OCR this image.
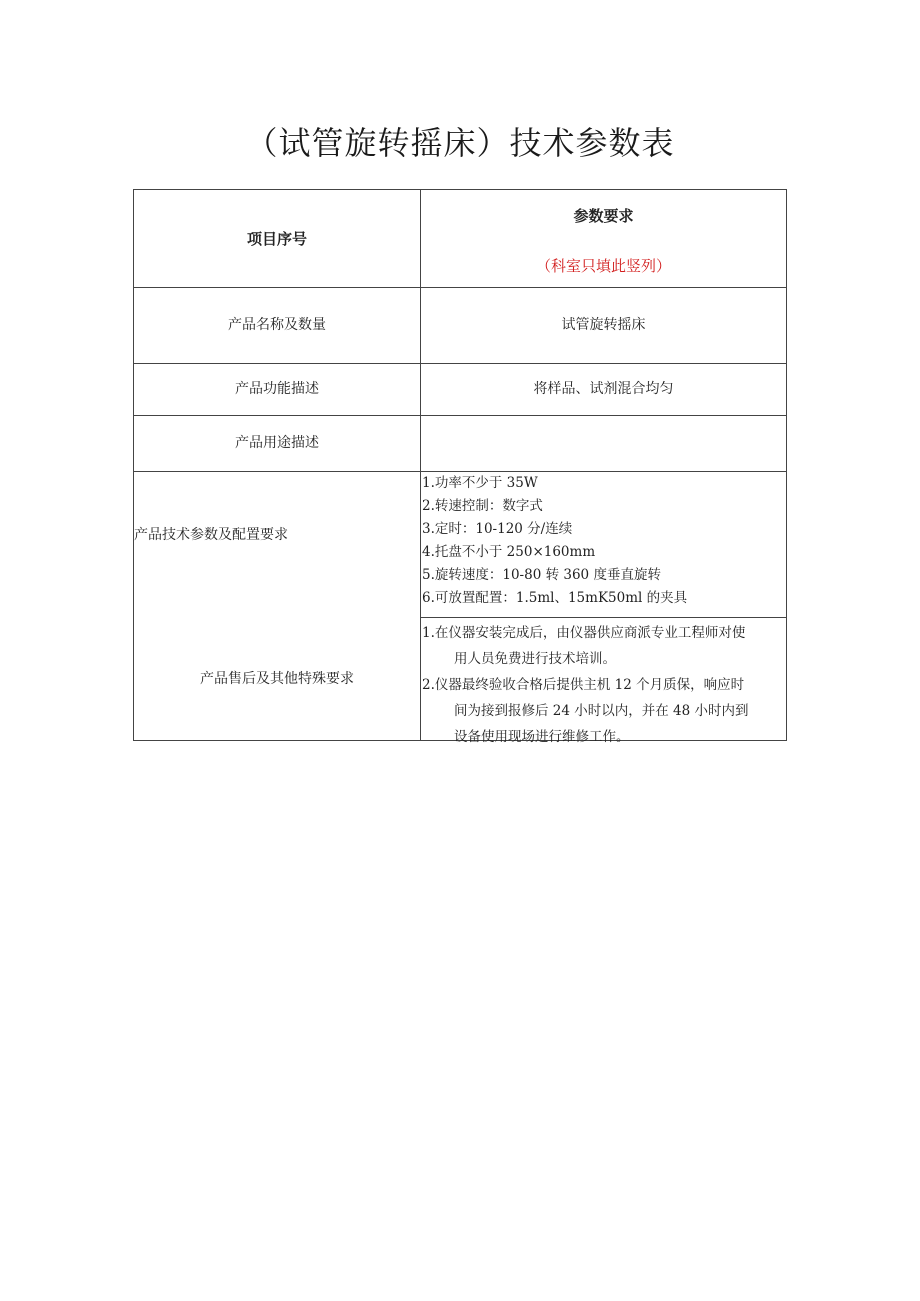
（试管旋转摇床）技术参数表
项目序号
参数要求
（科室只填此竖列）
产品名称及数量	试管旋转摇床
产品功能描述	将样品、试剂混合均匀
产品用途描述
产品技术参数及配置要求
1.功率不少于 35W
2.转速控制：数字式
3.定时：10-120 分/连续
4.托盘不小于 250×160mm
5.旋转速度：10-80 转 360 度垂直旋转
6.可放置配置：1.5ml、15mK50ml 的夹具
产品售后及其他特殊要求
1.在仪器安装完成后，由仪器供应商派专业工程师对使
用人员免费进行技术培训。
2.仪器最终验收合格后提供主机 12 个月质保，响应时
间为接到报修后 24 小时以内，并在 48 小时内到
设备使用现场进行维修工作。
